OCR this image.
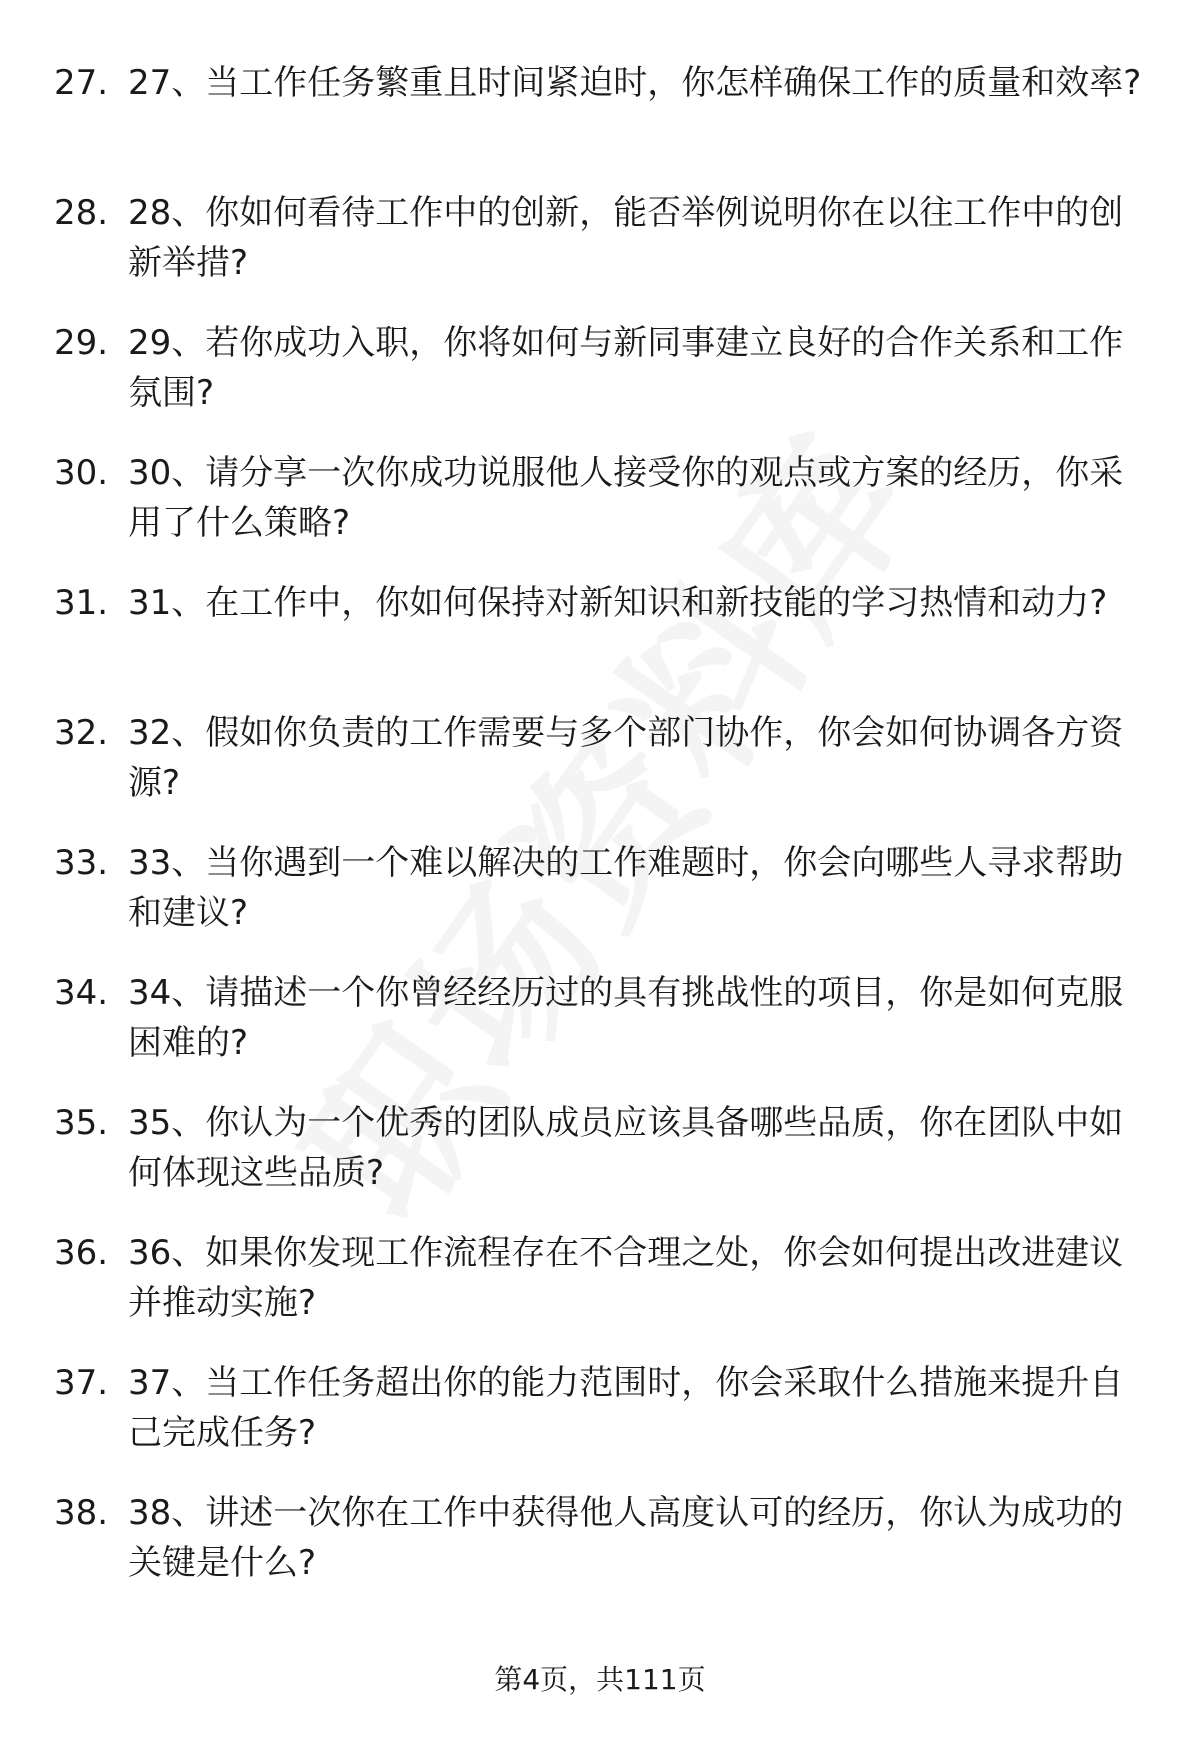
27. 27、当工作任务繁重且时间紧迫时，你怎样确保工作的质量和效率?
28. 28、你如何看待工作中的创新，能否举例说明你在以往工作中的创新举措?
29. 29、若你成功入职，你将如何与新同事建立良好的合作关系和工作氛围?
30. 30、请分享一次你成功说服他人接受你的观点或方案的经历，你采用了什么策略?
31. 31、在工作中，你如何保持对新知识和新技能的学习热情和动力?
32. 32、假如你负责的工作需要与多个部门协作，你会如何协调各方资源?
33. 33、当你遇到一个难以解决的工作难题时，你会向哪些人寻求帮助和建议?
34. 34、请描述一个你曾经经历过的具有挑战性的项目，你是如何克服困难的?
35. 35、你认为一个优秀的团队成员应该具备哪些品质，你在团队中如何体现这些品质?
36. 36、如果你发现工作流程存在不合理之处，你会如何提出改进建议并推动实施?
37. 37、当工作任务超出你的能力范围时，你会采取什么措施来提升自己完成任务?
38. 38、讲述一次你在工作中获得他人高度认可的经历，你认为成功的关键是什么?
第4页，共111页
